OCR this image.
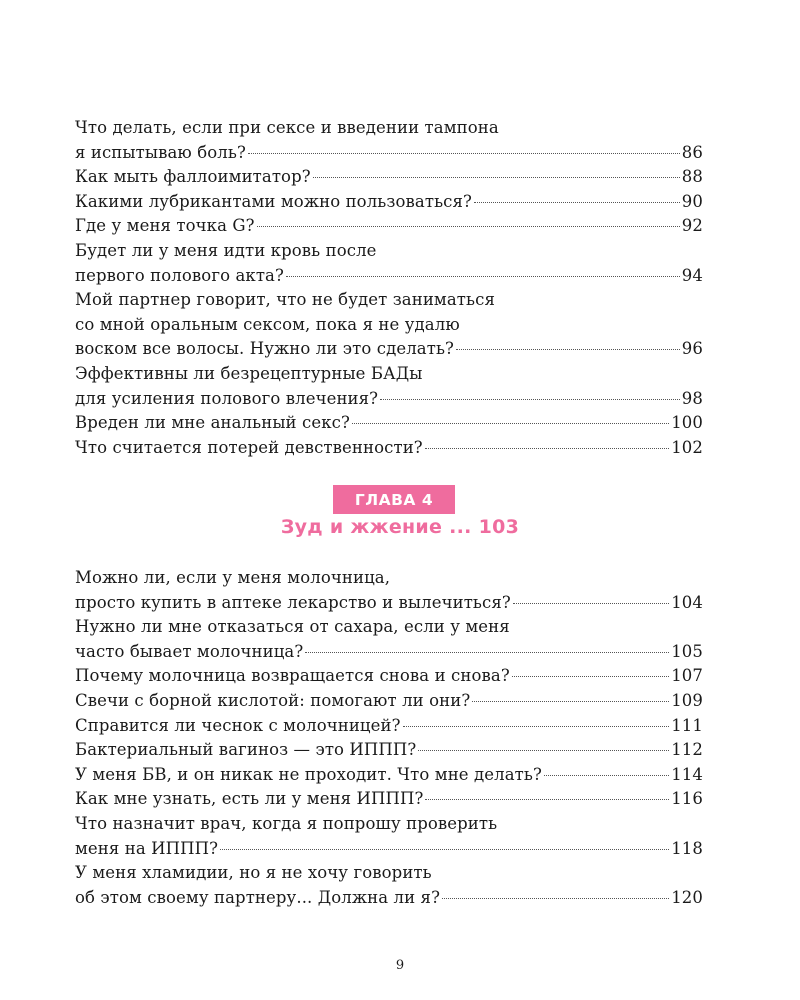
Что делать, если при сексе и введении тампона
я испытываю боль?	86
Как мыть фаллоимитатор?	88
Какими лубрикантами можно пользоваться?	90
Где у меня точка G?	92
Будет ли у меня идти кровь после
первого полового акта?	94
Мой партнер говорит, что не будет заниматься
со мной оральным сексом, пока я не удалю
воском все волосы. Нужно ли это сделать?	96
Эффективны ли безрецептурные БАДы
для усиления полового влечения?	98
Вреден ли мне анальный секс?	100
Что считается потерей девственности?	102
ГЛАВА 4
Зуд и жжение ... 103
Можно ли, если у меня молочница,
просто купить в аптеке лекарство и вылечиться?	104
Нужно ли мне отказаться от сахара, если у меня
часто бывает молочница?	105
Почему молочница возвращается снова и снова?	107
Свечи с борной кислотой: помогают ли они?	109
Справится ли чеснок с молочницей?	111
Бактериальный вагиноз — это ИППП?	112
У меня БВ, и он никак не проходит. Что мне делать?	114
Как мне узнать, есть ли у меня ИППП?	116
Что назначит врач, когда я попрошу проверить
меня на ИППП?	118
У меня хламидии, но я не хочу говорить
об этом своему партнеру... Должна ли я?	120
9
